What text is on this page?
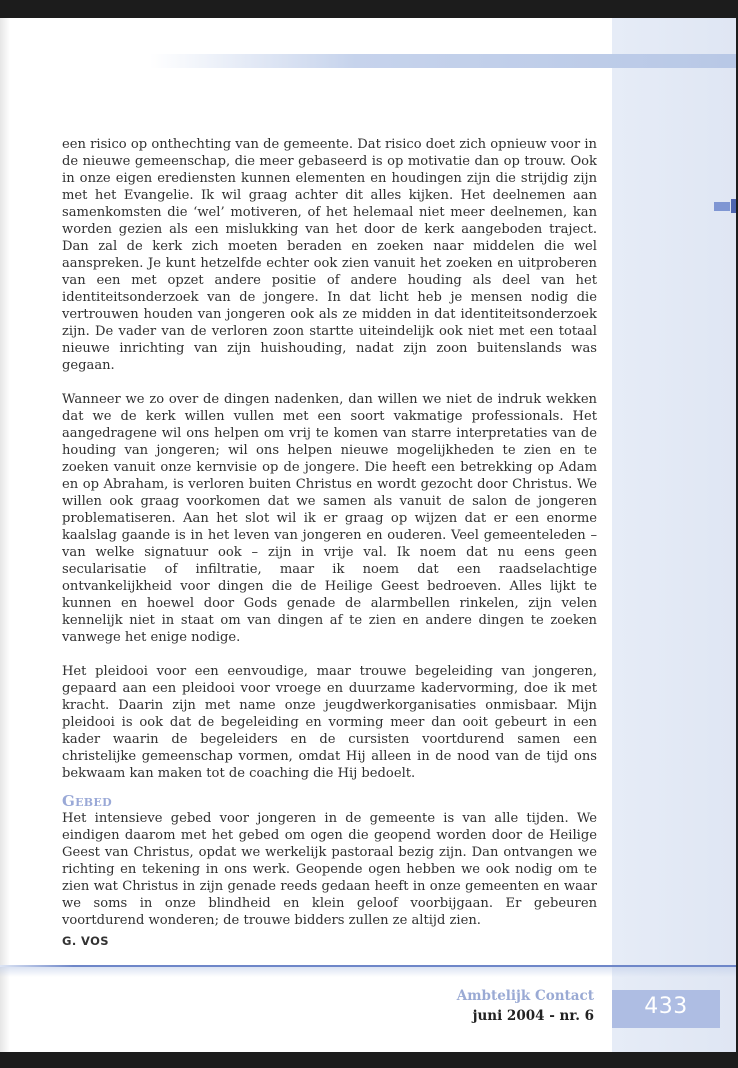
een risico op onthechting van de gemeente. Dat risico doet zich opnieuw voor in de nieuwe gemeenschap, die meer gebaseerd is op motivatie dan op trouw. Ook in onze eigen erediensten kunnen elementen en houdingen zijn die strijdig zijn met het Evangelie. Ik wil graag achter dit alles kijken. Het deelnemen aan samenkomsten die ‘wel’ motiveren, of het helemaal niet meer deelnemen, kan worden gezien als een mislukking van het door de kerk aangeboden traject. Dan zal de kerk zich moeten beraden en zoeken naar middelen die wel aanspreken. Je kunt hetzelfde echter ook zien vanuit het zoeken en uitproberen van een met opzet andere positie of andere houding als deel van het identiteitsonderzoek van de jongere. In dat licht heb je mensen nodig die vertrouwen houden van jongeren ook als ze midden in dat identiteitsonderzoek zijn. De vader van de verloren zoon startte uiteindelijk ook niet met een totaal nieuwe inrichting van zijn huishouding, nadat zijn zoon buitenslands was gegaan.

Wanneer we zo over de dingen nadenken, dan willen we niet de indruk wekken dat we de kerk willen vullen met een soort vakmatige professionals. Het aangedragene wil ons helpen om vrij te komen van starre interpretaties van de houding van jongeren; wil ons helpen nieuwe mogelijkheden te zien en te zoeken vanuit onze kernvisie op de jongere. Die heeft een betrekking op Adam en op Abraham, is verloren buiten Christus en wordt gezocht door Christus. We willen ook graag voorkomen dat we samen als vanuit de salon de jongeren problematiseren. Aan het slot wil ik er graag op wijzen dat er een enorme kaalslag gaande is in het leven van jongeren en ouderen. Veel gemeenteleden – van welke signatuur ook – zijn in vrije val. Ik noem dat nu eens geen secularisatie of infiltratie, maar ik noem dat een raadselachtige ontvankelijkheid voor dingen die de Heilige Geest bedroeven. Alles lijkt te kunnen en hoewel door Gods genade de alarmbellen rinkelen, zijn velen kennelijk niet in staat om van dingen af te zien en andere dingen te zoeken vanwege het enige nodige.

Het pleidooi voor een eenvoudige, maar trouwe begeleiding van jongeren, gepaard aan een pleidooi voor vroege en duurzame kadervorming, doe ik met kracht. Daarin zijn met name onze jeugdwerkorganisaties onmisbaar. Mijn pleidooi is ook dat de begeleiding en vorming meer dan ooit gebeurt in een kader waarin de begeleiders en de cursisten voortdurend samen een christelijke gemeenschap vormen, omdat Hij alleen in de nood van de tijd ons bekwaam kan maken tot de coaching die Hij bedoelt.

Gebed

Het intensieve gebed voor jongeren in de gemeente is van alle tijden. We eindigen daarom met het gebed om ogen die geopend worden door de Heilige Geest van Christus, opdat we werkelijk pastoraal bezig zijn. Dan ontvangen we richting en tekening in ons werk. Geopende ogen hebben we ook nodig om te zien wat Christus in zijn genade reeds gedaan heeft in onze gemeenten en waar we soms in onze blindheid en klein geloof voorbijgaan. Er gebeuren voortdurend wonderen; de trouwe bidders zullen ze altijd zien.

G. VOS
Ambtelijk Contact
juni 2004 - nr. 6	433
